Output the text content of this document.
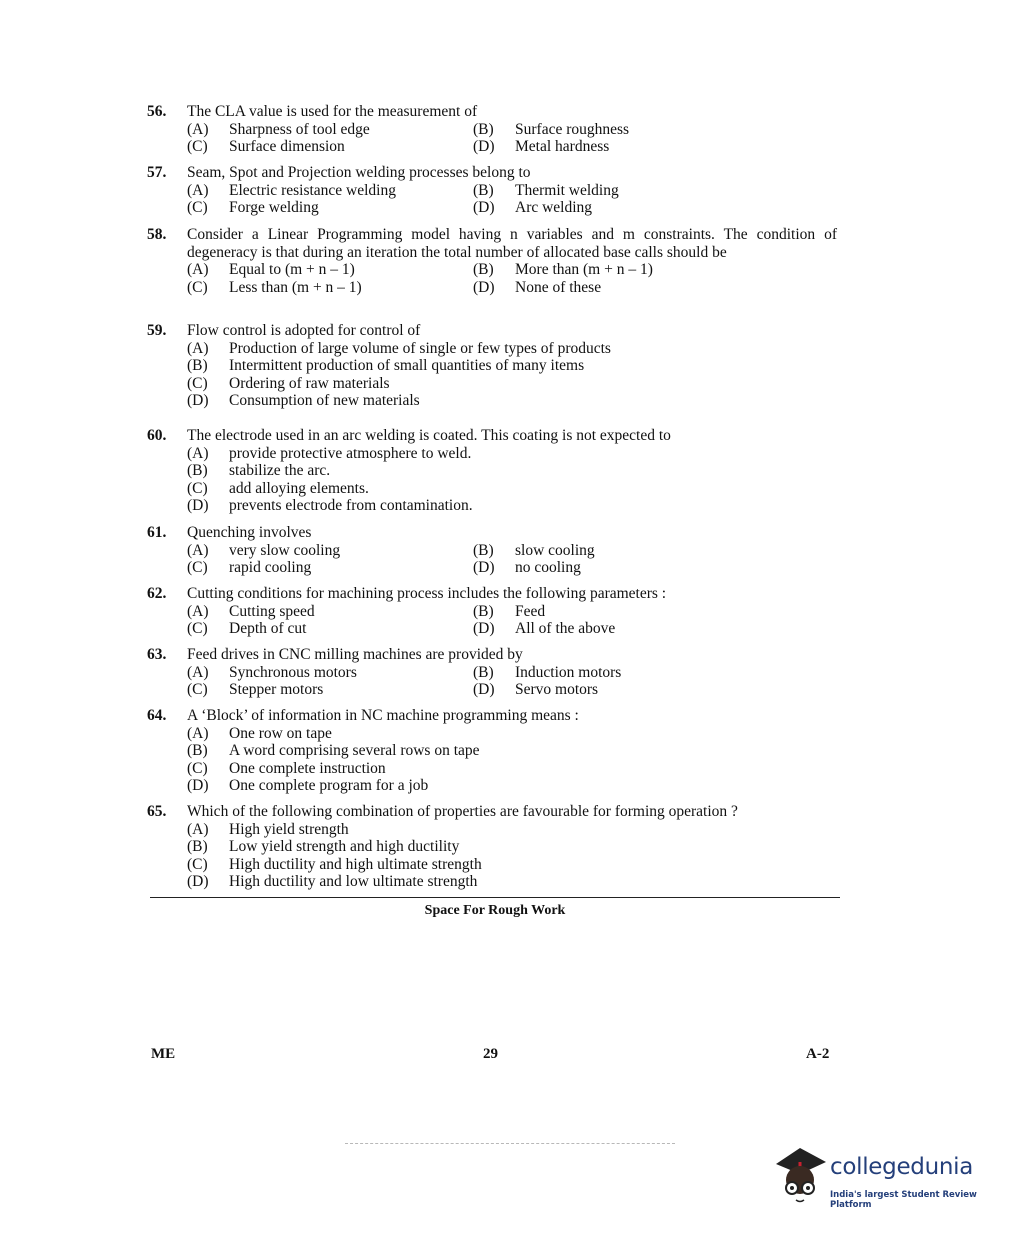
56.	The CLA value is used for the measurement of
(A)	Sharpness of tool edge	(B)	Surface roughness
(C)	Surface dimension	(D)	Metal hardness
57.	Seam, Spot and Projection welding processes belong to
(A)	Electric resistance welding	(B)	Thermit welding
(C)	Forge welding	(D)	Arc welding
58.	Consider a Linear Programming model having n variables and m constraints. The condition of degeneracy is that during an iteration the total number of allocated base calls should be
(A)	Equal to (m + n – 1)	(B)	More than (m + n – 1)
(C)	Less than (m + n – 1)	(D)	None of these
59.	Flow control is adopted for control of
(A)	Production of large volume of single or few types of products
(B)	Intermittent production of small quantities of many items
(C)	Ordering of raw materials
(D)	Consumption of new materials
60.	The electrode used in an arc welding is coated. This coating is not expected to
(A)	provide protective atmosphere to weld.
(B)	stabilize the arc.
(C)	add alloying elements.
(D)	prevents electrode from contamination.
61.	Quenching involves
(A)	very slow cooling	(B)	slow cooling
(C)	rapid cooling	(D)	no cooling
62.	Cutting conditions for machining process includes the following parameters :
(A)	Cutting speed	(B)	Feed
(C)	Depth of cut	(D)	All of the above
63.	Feed drives in CNC milling machines are provided by
(A)	Synchronous motors	(B)	Induction motors
(C)	Stepper motors	(D)	Servo motors
64.	A ‘Block’ of information in NC machine programming means :
(A)	One row on tape
(B)	A word comprising several rows on tape
(C)	One complete instruction
(D)	One complete program for a job
65.	Which of the following combination of properties are favourable for forming operation ?
(A)	High yield strength
(B)	Low yield strength and high ductility
(C)	High ductility and high ultimate strength
(D)	High ductility and low ultimate strength
Space For Rough Work
ME	29	A-2
collegedunia
India's largest Student Review Platform
